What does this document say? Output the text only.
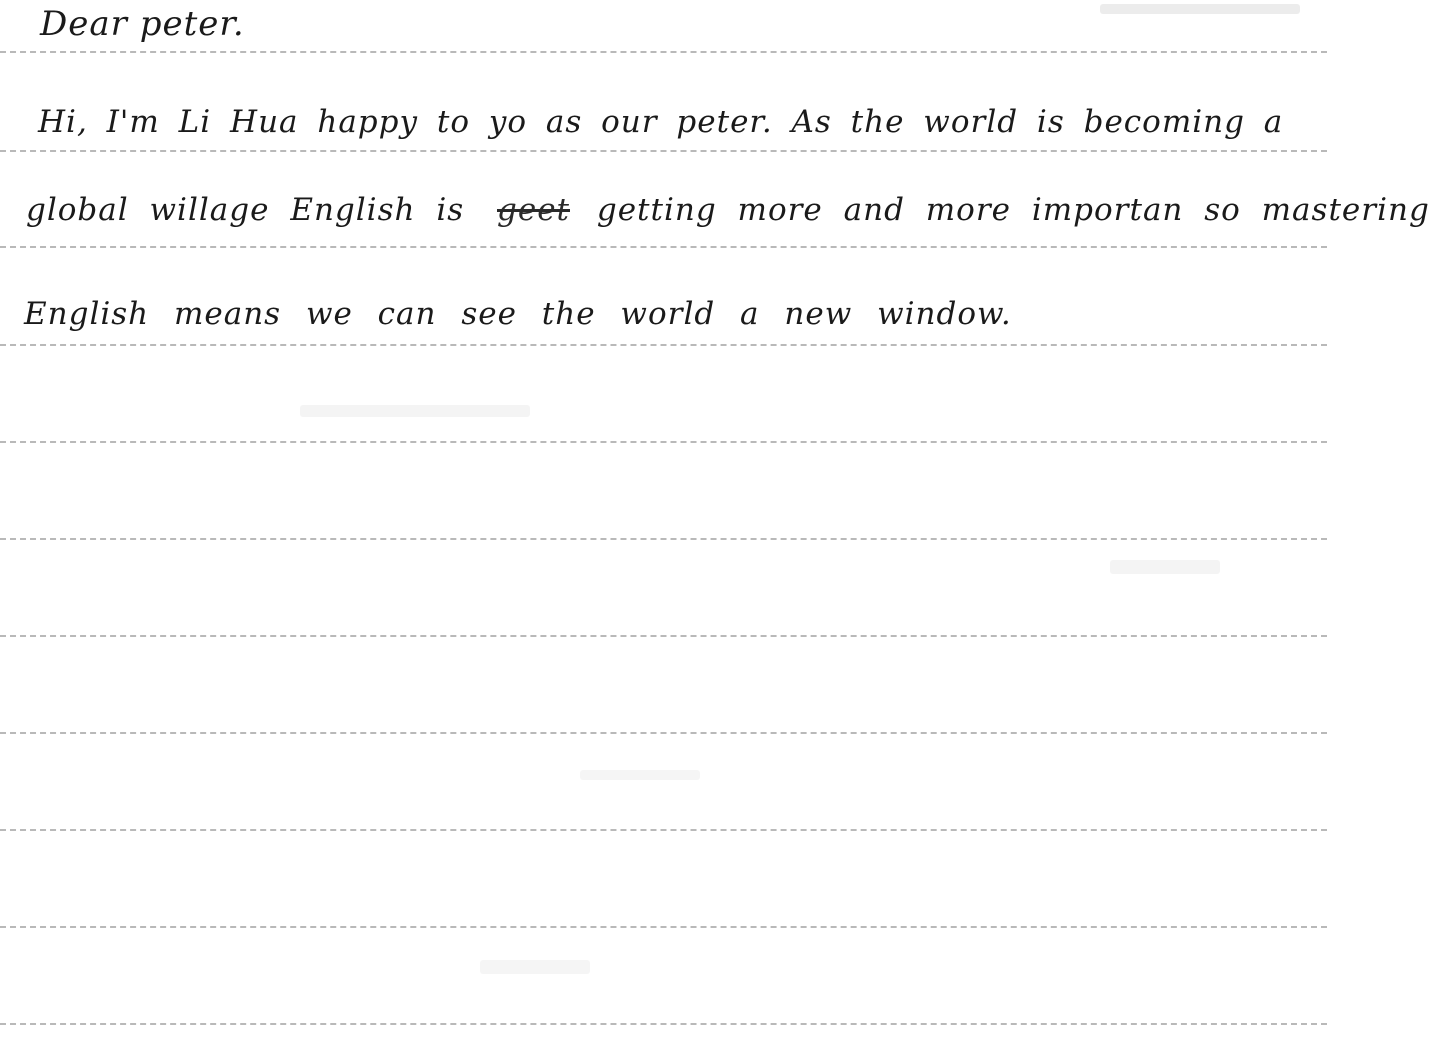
Dear peter.
Hi, I'm Li Hua happy to yo as our peter. As the world is becoming a
global willage English is geet getting more and more importan so mastering
English means we can see the world a new window.
